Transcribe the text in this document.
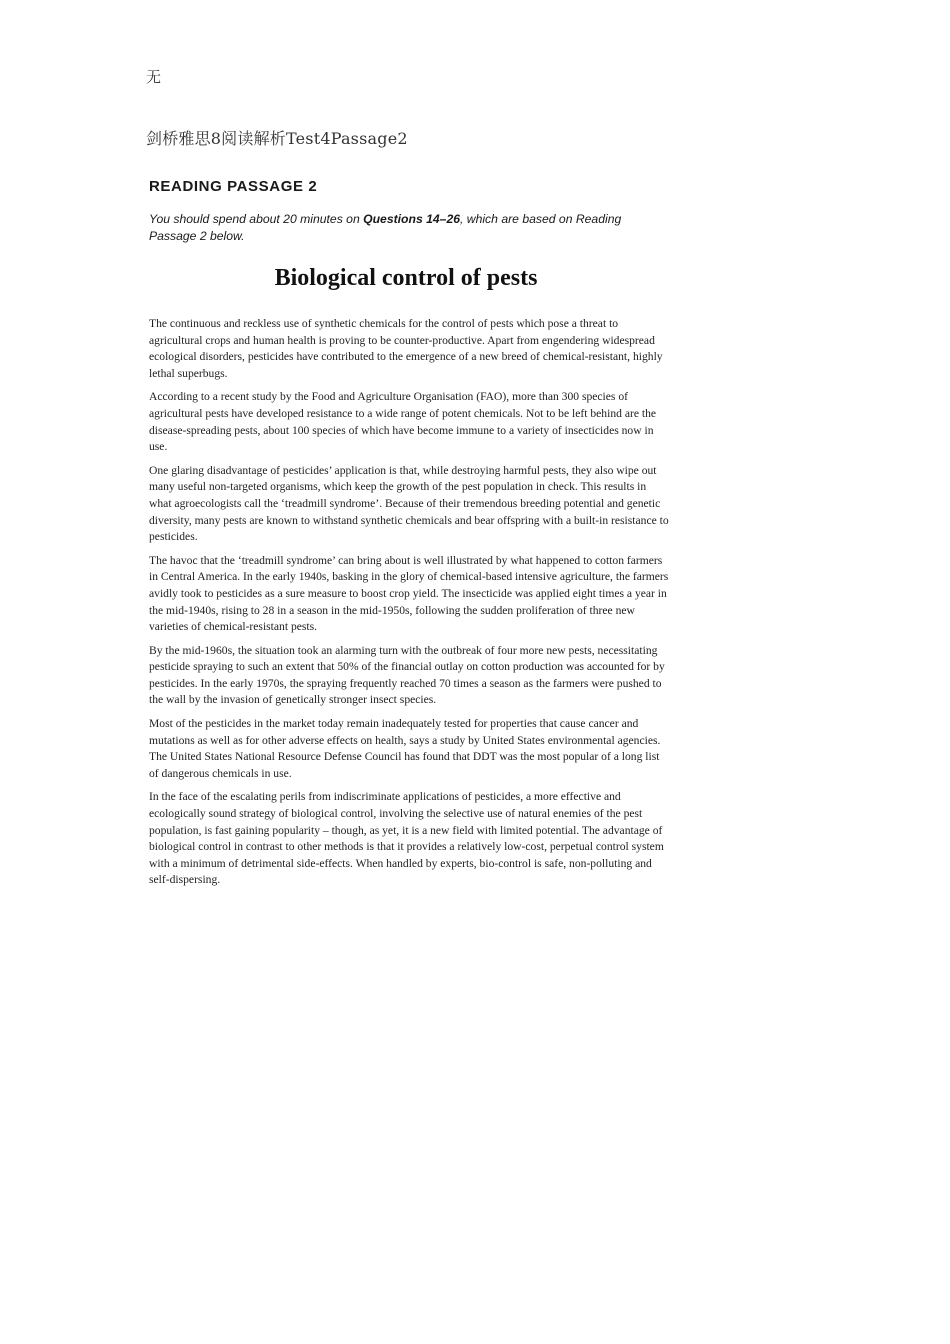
无
剑桥雅思8阅读解析Test4Passage2
READING PASSAGE 2
You should spend about 20 minutes on Questions 14–26, which are based on Reading Passage 2 below.
Biological control of pests

The continuous and reckless use of synthetic chemicals for the control of pests which pose a threat to agricultural crops and human health is proving to be counter-productive. Apart from engendering widespread ecological disorders, pesticides have contributed to the emergence of a new breed of chemical-resistant, highly lethal superbugs.

According to a recent study by the Food and Agriculture Organisation (FAO), more than 300 species of agricultural pests have developed resistance to a wide range of potent chemicals. Not to be left behind are the disease-spreading pests, about 100 species of which have become immune to a variety of insecticides now in use.

One glaring disadvantage of pesticides’ application is that, while destroying harmful pests, they also wipe out many useful non-targeted organisms, which keep the growth of the pest population in check. This results in what agroecologists call the ‘treadmill syndrome’. Because of their tremendous breeding potential and genetic diversity, many pests are known to withstand synthetic chemicals and bear offspring with a built-in resistance to pesticides.

The havoc that the ‘treadmill syndrome’ can bring about is well illustrated by what happened to cotton farmers in Central America. In the early 1940s, basking in the glory of chemical-based intensive agriculture, the farmers avidly took to pesticides as a sure measure to boost crop yield. The insecticide was applied eight times a year in the mid-1940s, rising to 28 in a season in the mid-1950s, following the sudden proliferation of three new varieties of chemical-resistant pests.

By the mid-1960s, the situation took an alarming turn with the outbreak of four more new pests, necessitating pesticide spraying to such an extent that 50% of the financial outlay on cotton production was accounted for by pesticides. In the early 1970s, the spraying frequently reached 70 times a season as the farmers were pushed to the wall by the invasion of genetically stronger insect species.

Most of the pesticides in the market today remain inadequately tested for properties that cause cancer and mutations as well as for other adverse effects on health, says a study by United States environmental agencies. The United States National Resource Defense Council has found that DDT was the most popular of a long list of dangerous chemicals in use.

In the face of the escalating perils from indiscriminate applications of pesticides, a more effective and ecologically sound strategy of biological control, involving the selective use of natural enemies of the pest population, is fast gaining popularity – though, as yet, it is a new field with limited potential. The advantage of biological control in contrast to other methods is that it provides a relatively low-cost, perpetual control system with a minimum of detrimental side-effects. When handled by experts, bio-control is safe, non-polluting and self-dispersing.
